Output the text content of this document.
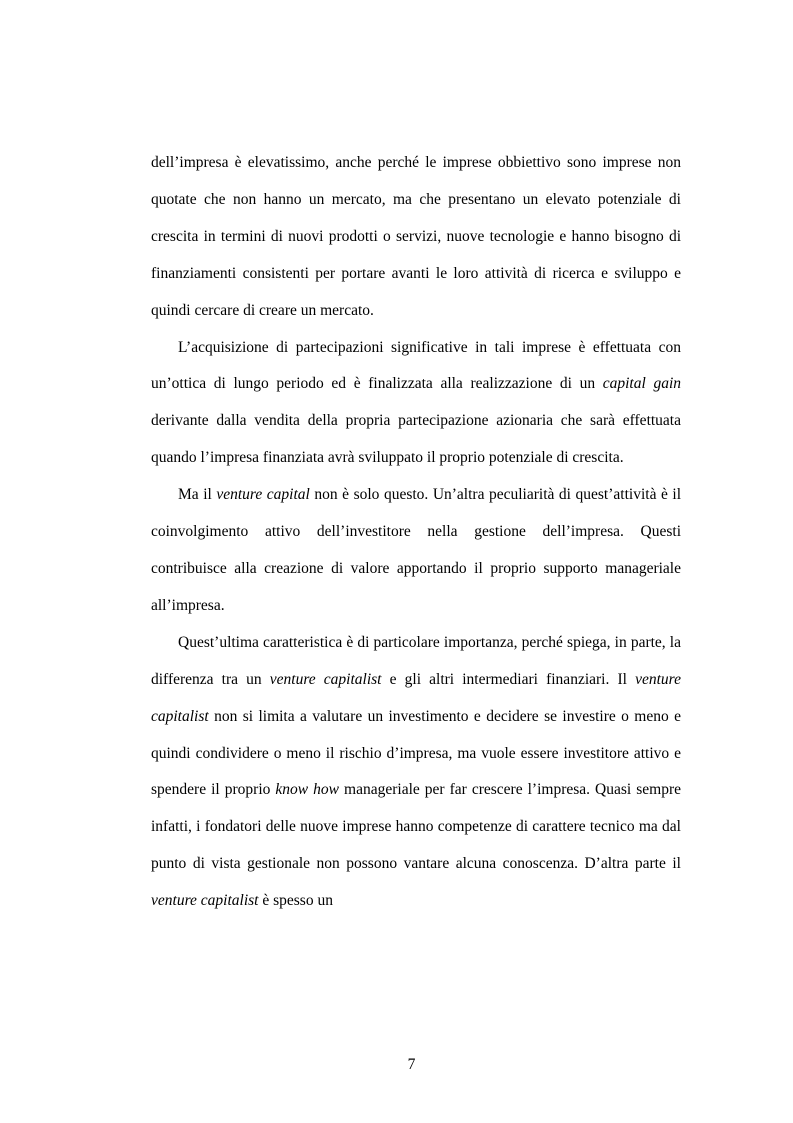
dell’impresa è elevatissimo, anche perché le imprese obbiettivo sono imprese non quotate che non hanno un mercato, ma che presentano un elevato potenziale di crescita in termini di nuovi prodotti o servizi, nuove tecnologie e hanno bisogno di finanziamenti consistenti per portare avanti le loro attività di ricerca e sviluppo e quindi cercare di creare un mercato.

L’acquisizione di partecipazioni significative in tali imprese è effettuata con un’ottica di lungo periodo ed è finalizzata alla realizzazione di un capital gain derivante dalla vendita della propria partecipazione azionaria che sarà effettuata quando l’impresa finanziata avrà sviluppato il proprio potenziale di crescita.

Ma il venture capital non è solo questo. Un’altra peculiarità di quest’attività è il coinvolgimento attivo dell’investitore nella gestione dell’impresa. Questi contribuisce alla creazione di valore apportando il proprio supporto manageriale all’impresa.

Quest’ultima caratteristica è di particolare importanza, perché spiega, in parte, la differenza tra un venture capitalist e gli altri intermediari finanziari. Il venture capitalist non si limita a valutare un investimento e decidere se investire o meno e quindi condividere o meno il rischio d’impresa, ma vuole essere investitore attivo e spendere il proprio know how manageriale per far crescere l’impresa. Quasi sempre infatti, i fondatori delle nuove imprese hanno competenze di carattere tecnico ma dal punto di vista gestionale non possono vantare alcuna conoscenza. D’altra parte il venture capitalist è spesso un

7
